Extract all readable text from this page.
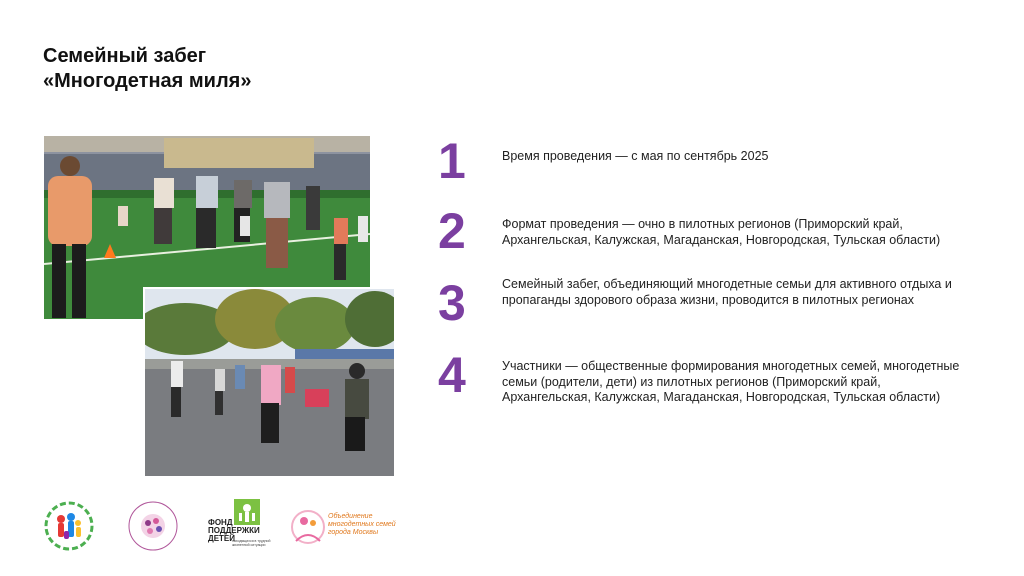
Семейный забег
«Многодетная миля»
1	Время проведения — с мая по сентябрь 2025
2	Формат проведения — очно в пилотных регионов (Приморский край, Архангельская, Калужская, Магаданская, Новгородская, Тульская области)
3	Семейный забег, объединяющий многодетные семьи для активного отдыха и пропаганды здорового образа жизни, проводится в пилотных регионах
4	Участники — общественные формирования многодетных семей, многодетные семьи (родители, дети) из пилотных регионов (Приморский край, Архангельская, Калужская, Магаданская, Новгородская, Тульская области)
ФОНД
ПОДДЕРЖКИ
ДЕТЕЙ
находящихся в трудной жизненной ситуации
Объединение
многодетных семей
города Москвы
